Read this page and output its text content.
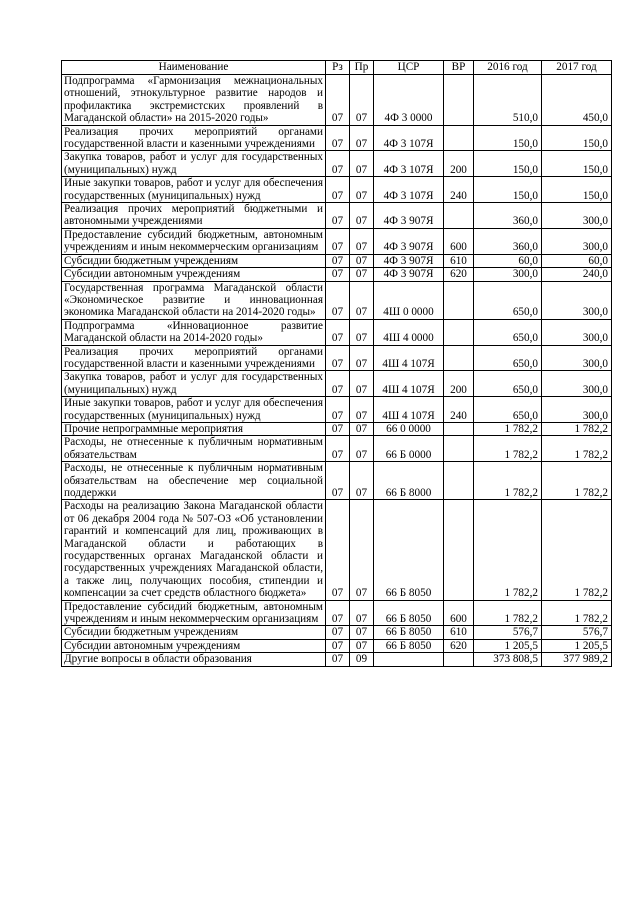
Наименование	Рз	Пр	ЦСР	ВР	2016 год	2017 год
Подпрограмма «Гармонизация межнациональных отношений, этнокультурное развитие народов и профилактика экстремистских проявлений в Магаданской области» на 2015-2020 годы»	07	07	4Ф 3 0000		510,0	450,0
Реализация прочих мероприятий органами государственной власти и казенными учреждениями	07	07	4Ф 3 107Я		150,0	150,0
Закупка товаров, работ и услуг для государственных (муниципальных) нужд	07	07	4Ф 3 107Я	200	150,0	150,0
Иные закупки товаров, работ и услуг для обеспечения государственных (муниципальных) нужд	07	07	4Ф 3 107Я	240	150,0	150,0
Реализация прочих мероприятий бюджетными и автономными учреждениями	07	07	4Ф 3 907Я		360,0	300,0
Предоставление субсидий бюджетным, автономным учреждениям и иным некоммерческим организациям	07	07	4Ф 3 907Я	600	360,0	300,0
Субсидии бюджетным учреждениям	07	07	4Ф 3 907Я	610	60,0	60,0
Субсидии автономным учреждениям	07	07	4Ф 3 907Я	620	300,0	240,0
Государственная программа Магаданской области «Экономическое развитие и инновационная экономика Магаданской области на 2014-2020 годы»	07	07	4Ш 0 0000		650,0	300,0
Подпрограмма «Инновационное развитие Магаданской области на 2014-2020 годы»	07	07	4Ш 4 0000		650,0	300,0
Реализация прочих мероприятий органами государственной власти и казенными учреждениями	07	07	4Ш 4 107Я		650,0	300,0
Закупка товаров, работ и услуг для государственных (муниципальных) нужд	07	07	4Ш 4 107Я	200	650,0	300,0
Иные закупки товаров, работ и услуг для обеспечения государственных (муниципальных) нужд	07	07	4Ш 4 107Я	240	650,0	300,0
Прочие непрограммные мероприятия	07	07	66 0 0000		1 782,2	1 782,2
Расходы, не отнесенные к публичным нормативным обязательствам	07	07	66 Б 0000		1 782,2	1 782,2
Расходы, не отнесенные к публичным нормативным обязательствам на обеспечение мер социальной поддержки	07	07	66 Б 8000		1 782,2	1 782,2
Расходы на реализацию Закона Магаданской области от 06 декабря 2004 года № 507-ОЗ «Об установлении гарантий и компенсаций для лиц, проживающих в Магаданской области и работающих в государственных органах Магаданской области и государственных учреждениях Магаданской области, а также лиц, получающих пособия, стипендии и компенсации за счет средств областного бюджета»	07	07	66 Б 8050		1 782,2	1 782,2
Предоставление субсидий бюджетным, автономным учреждениям и иным некоммерческим организациям	07	07	66 Б 8050	600	1 782,2	1 782,2
Субсидии бюджетным учреждениям	07	07	66 Б 8050	610	576,7	576,7
Субсидии автономным учреждениям	07	07	66 Б 8050	620	1 205,5	1 205,5
Другие вопросы в области образования	07	09			373 808,5	377 989,2
